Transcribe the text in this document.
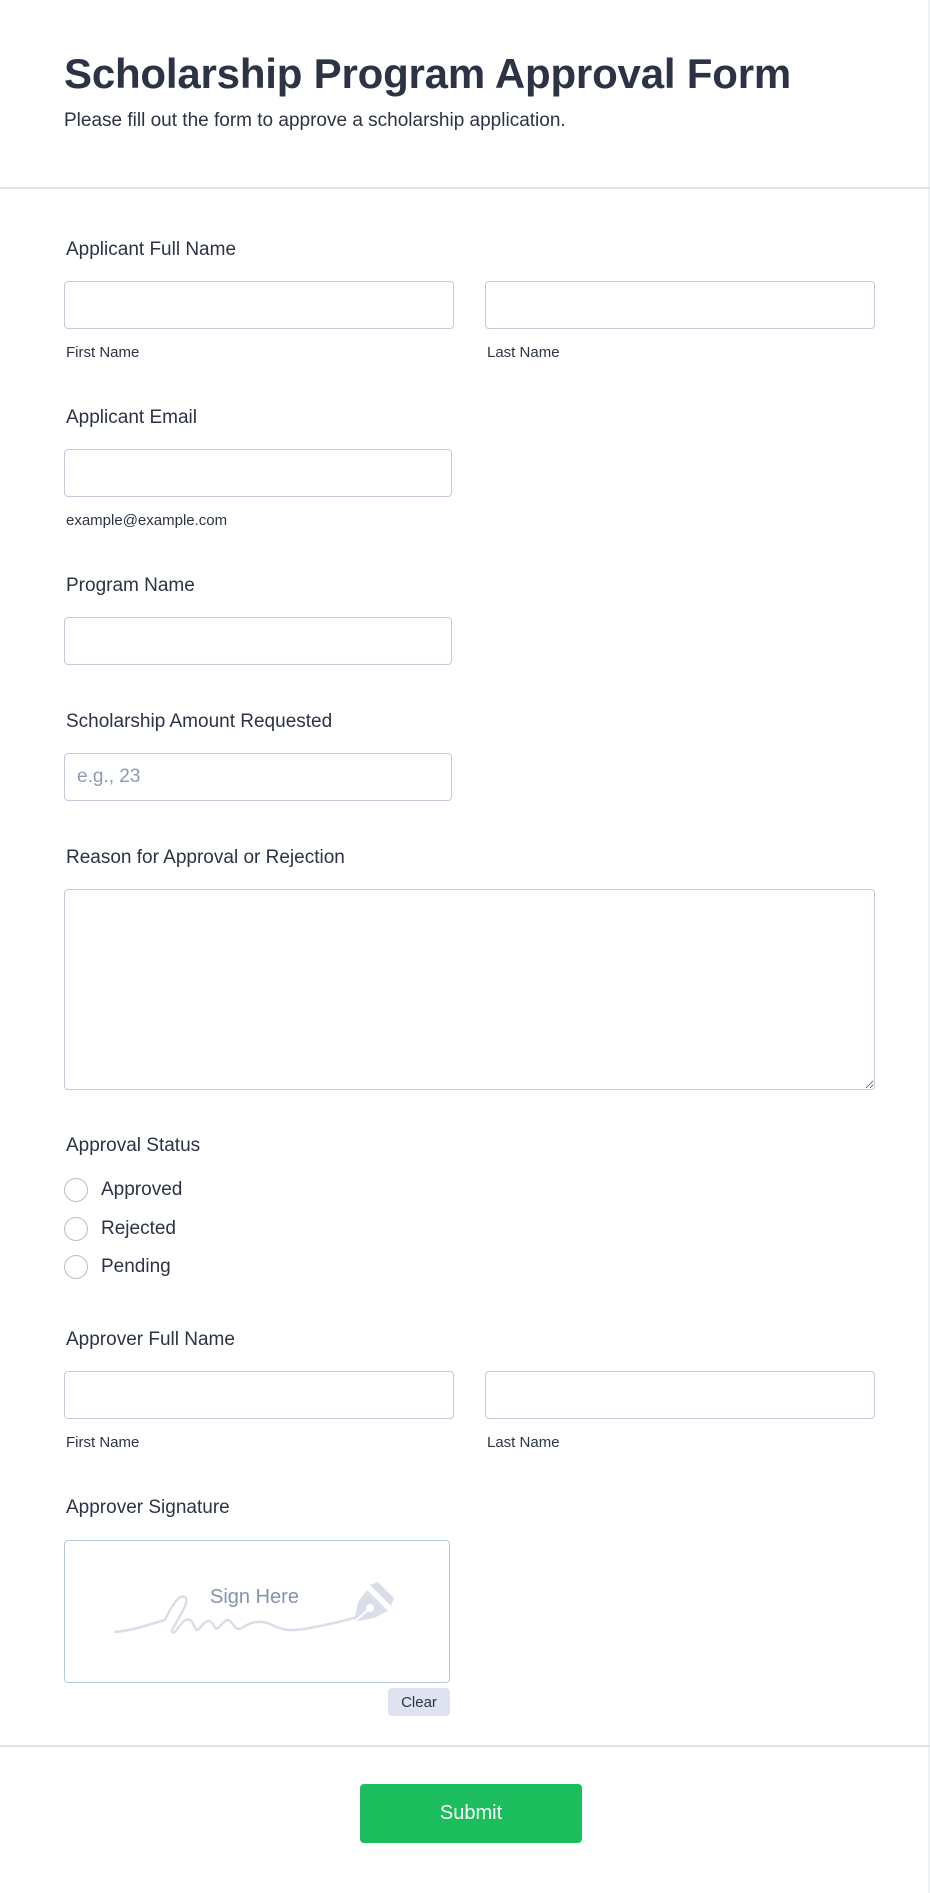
Scholarship Program Approval Form
Please fill out the form to approve a scholarship application.
Applicant Full Name
First Name	Last Name
Applicant Email
example@example.com
Program Name
Scholarship Amount Requested
e.g., 23
Reason for Approval or Rejection
Approval Status
Approved
Rejected
Pending
Approver Full Name
First Name	Last Name
Approver Signature
Sign Here
Clear
Submit
